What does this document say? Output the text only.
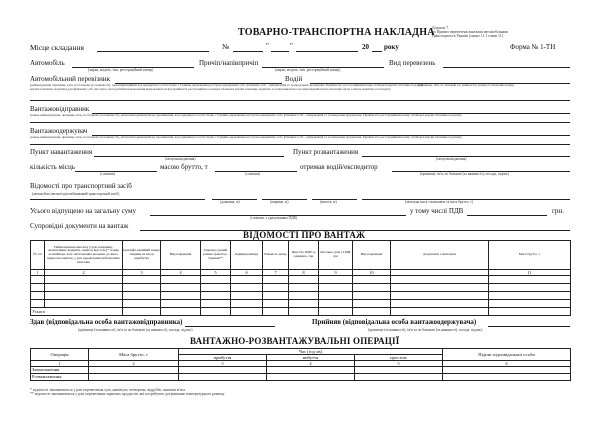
Додаток 7
до Правил перевезень вантажів автомобільним
транспортом в Україні (пункт 11.1 глави 11)
ТОВАРНО-ТРАНСПОРТНА НАКЛАДНА
Місце складання	№	"	"	20 року	Форма № 1-ТН
Автомобіль	Причіп/напівпричіп	Вид перевезень
(марка, модель, тип, реєстраційний номер)	(марка, модель, тип, реєстраційний номер)
Автомобільний перевізник	Водій
(найменування /прізвище, ім'я, по батькові (за наявності); ідентифікаційний код юридичної особи згідно з Єдиним державним реєстром юридичних осіб, фізичних осіб - підприємців та громадських формувань України або реєстраційний номер облікової картки платника податків
картки платника податків (для фізичних осіб, які через свої релігійні переконання відмовляються від прийняття реєстраційного номера облікової картки платника податків та повідомили про це відповідний контролюючий орган і мають відмітку в паспорті)
(прізвище, ім'я, по батькові (за наявності), номер посвідчення водія)
Вантажовідправник
(повне найменування, прізвище, ім'я, по батькові (за наявності), місцезнаходження/місце проживання; код юридичної особи згідно з Єдиним державним реєстром юридичних осіб, фізичних осіб - підприємців та громадських формувань України або реєстраційний номер облікової картки платника податків)
Вантажоодержувач
(повне найменування, прізвище, ім'я, по батькові (за наявності), місцезнаходження/місце проживання; код юридичної особи згідно з Єдиним державним реєстром юридичних осіб, фізичних осіб - підприємців та громадських формувань України або реєстраційний номер облікової картки платника податків)
Пункт навантаження	Пункт розвантаження
(місцезнаходження)	(місцезнаходження)
кількість місць	масою брутто, т	отримав водій/експедитор
(словами)	(словами)	(прізвище, ім'я, по батькові (за наявності), посада, підпис)
Відомості про транспортний засіб
(автомобіль/автопоїзд/комбінований транспортний засіб)
(довжина, м)	(ширина, м)	(висота, м)	(загальна маса з вантажем та маса брутто, т)
Усього відпущено на загальну суму	у тому числі ПДВ	грн.
(словами, з урахуванням ПДВ)
Супровідні документи на вантаж
ВІДОМОСТІ ПРО ВАНТАЖ
№ з/п	Найменування вантажу (туди, напрямку, четвертинки, відкрити, шматок відстала) * номер контейнера, клас небезпечних речовин, до якого віднесено вантаж, у разі перевезення небезпечних вантажів	Ідентифі-каційний номер тварини на вході оприбутку	Вид пакування	Темпера-турний режим транспор-тування**	Одиниця виміру	Кількість місць	Ціна без ПДВ за одиницю, грн	Загальна сума з ПДВ, грн	Вид пакування	Документи з вантажем	Маса брутто, т
1	2	3	4	5	6	7	8	9	10		11

Усього											
Здав (відповідальна особа вантажовідправника)	Прийняв (відповідальна особа вантажоодержувача)
(прізвище (за наявності), ім'я та по батькові (за наявності), посада, підпис)	(прізвище (за наявності), ім'я та по батькові (за наявності), посада, підпис)
ВАНТАЖНО-РОЗВАНТАЖУВАЛЬНІ ОПЕРАЦІЇ
Операція	Маса брутто, т	Час (год хв)			Підпис відповідальної особи
		прибуття	вибуття	простою	
1	2	3	4	5	6
Завантаження					
Розвантаження					
* відомості заповнюються у разі перевезення туш, напівтуш, четвертин, відрубів, шматків м'яса
** відомості заповнюються у разі перевезення харчових продуктів, які потребують дотримання температурного режиму
